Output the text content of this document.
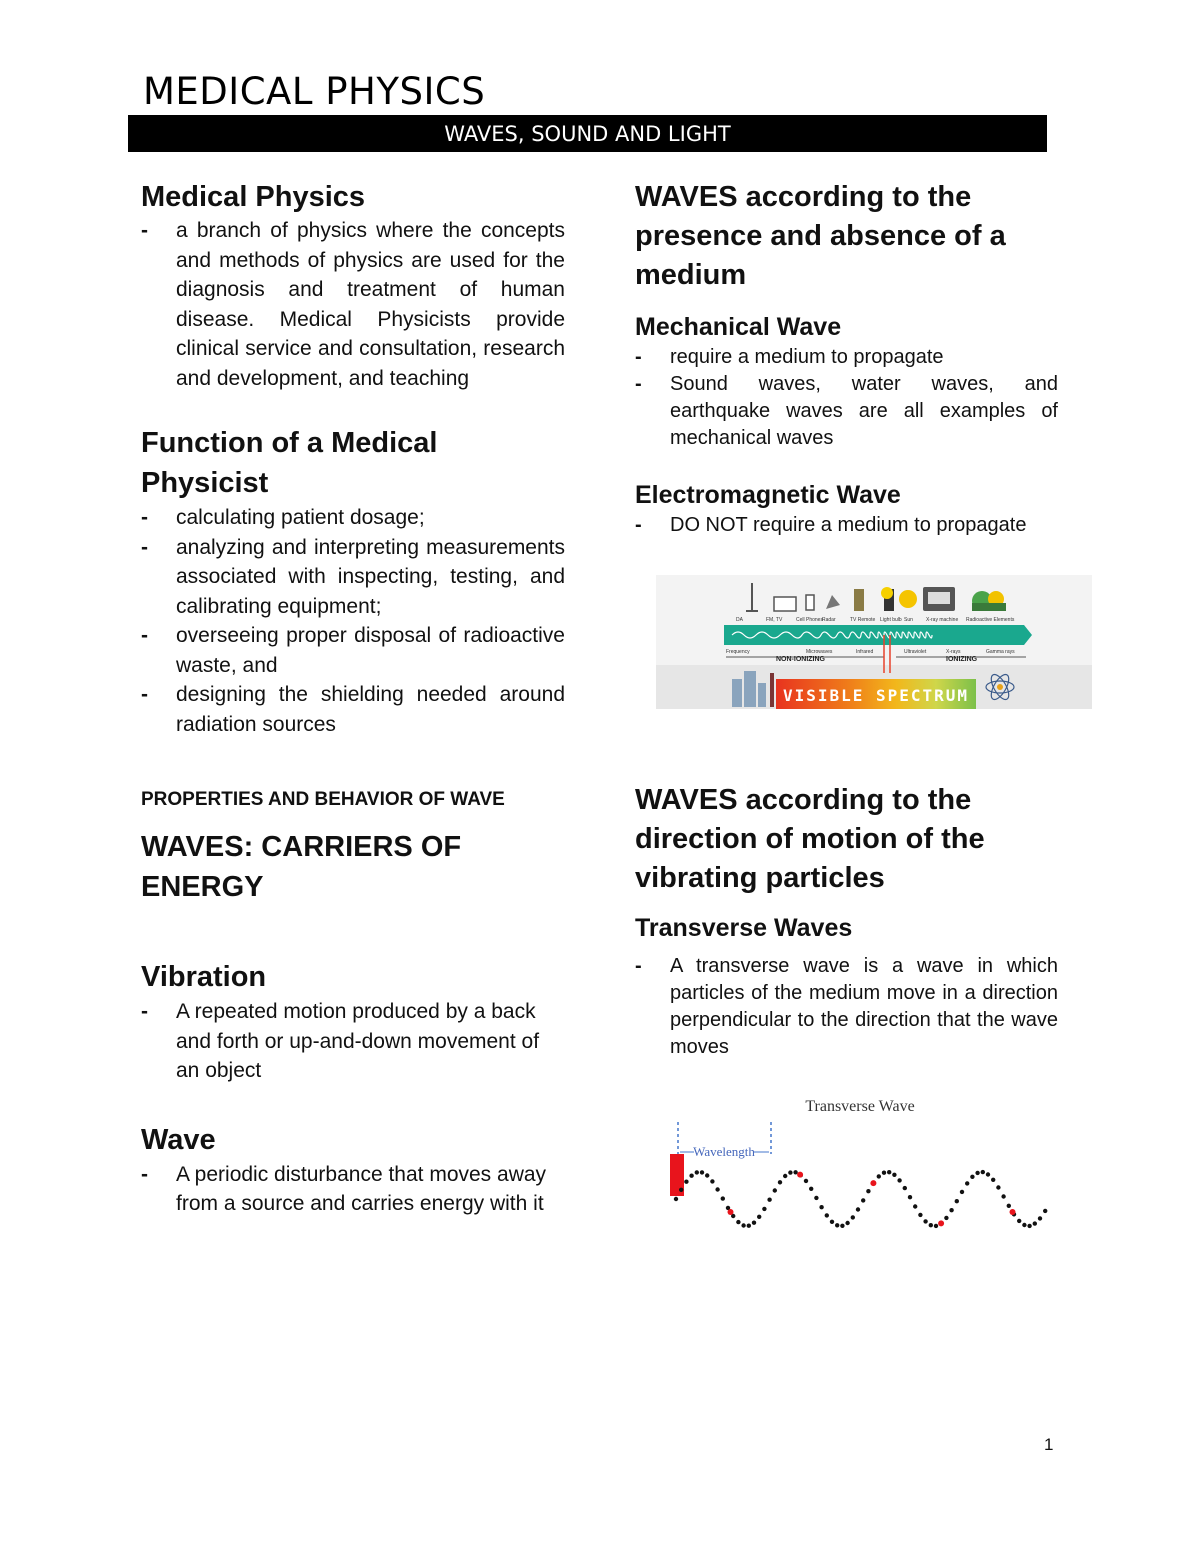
MEDICAL PHYSICS
WAVES, SOUND AND LIGHT
Medical Physics
- a branch of physics where the concepts and methods of physics are used for the diagnosis and treatment of human disease. Medical Physicists provide clinical service and consultation, research and development, and teaching
Function of a Medical Physicist
- calculating patient dosage;
- analyzing and interpreting measurements associated with inspecting, testing, and calibrating equipment;
- overseeing proper disposal of radioactive waste, and
- designing the shielding needed around radiation sources
PROPERTIES AND BEHAVIOR OF WAVE
WAVES: CARRIERS OF ENERGY
Vibration
- A repeated motion produced by a back and forth or up-and-down movement of an object
Wave
- A periodic disturbance that moves away from a source and carries energy with it
WAVES according to the presence and absence of a medium
Mechanical Wave
- require a medium to propagate
- Sound waves, water waves, and earthquake waves are all examples of mechanical waves
Electromagnetic Wave
- DO NOT require a medium to propagate
WAVES according to the direction of motion of the vibrating particles
Transverse Waves
- A transverse wave is a wave in which particles of the medium move in a direction perpendicular to the direction that the wave moves
DA	FM, TV	Cell Phones Radar	TV Remote Light bulb Sun	X-ray machine Radioactive Elements
Frequency	Microwaves	Infrared	Ultraviolet	X-rays	Gamma rays
NON-IONIZING	IONIZING
VISIBLE SPECTRUM
Transverse Wave
Wavelength
1
